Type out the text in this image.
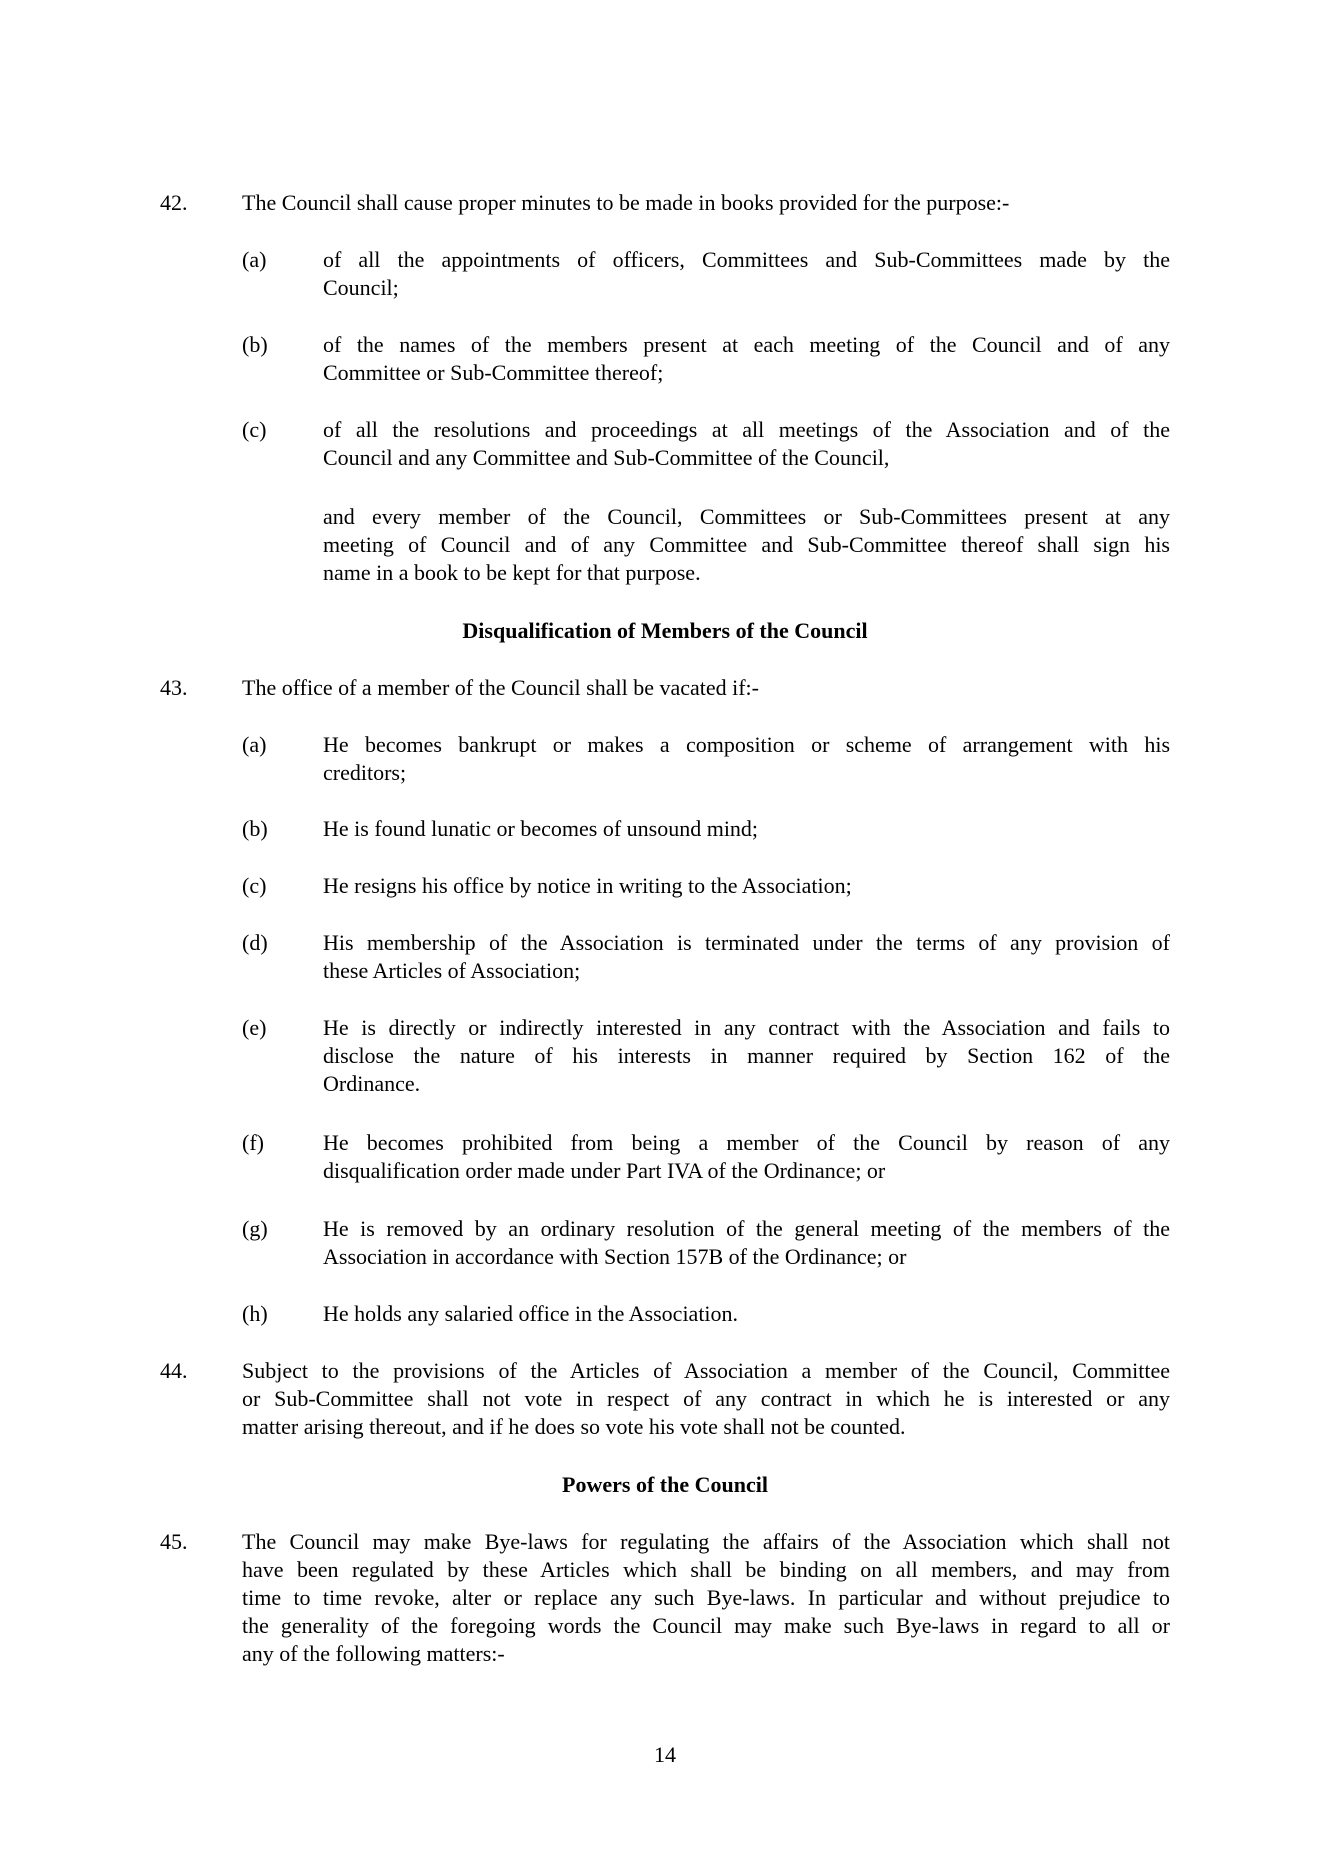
42. The Council shall cause proper minutes to be made in books provided for the purpose:-
(a)	of all the appointments of officers, Committees and Sub-Committees made by the

Council;

(b)	of the names of the members present at each meeting of the Council and of any

Committee or Sub-Committee thereof;

(c)	of all the resolutions and proceedings at all meetings of the Association and of the

Council and any Committee and Sub-Committee of the Council,

and every member of the Council, Committees or Sub-Committees present at any

meeting of Council and of any Committee and Sub-Committee thereof shall sign his

name in a book to be kept for that purpose.

Disqualification of Members of the Council
43. The office of a member of the Council shall be vacated if:-
(a)	He becomes bankrupt or makes a composition or scheme of arrangement with his

creditors;

(b)	He is found lunatic or becomes of unsound mind;

(c)	He resigns his office by notice in writing to the Association;

(d)	His membership of the Association is terminated under the terms of any provision of

these Articles of Association;

(e)	He is directly or indirectly interested in any contract with the Association and fails to

disclose the nature of his interests in manner required by Section 162 of the

Ordinance.

(f)	He becomes prohibited from being a member of the Council by reason of any

disqualification order made under Part IVA of the Ordinance; or

(g)	He is removed by an ordinary resolution of the general meeting of the members of the

Association in accordance with Section 157B of the Ordinance; or

(h)	He holds any salaried office in the Association.

44. Subject to the provisions of the Articles of Association a member of the Council, Committee

or Sub-Committee shall not vote in respect of any contract in which he is interested or any

matter arising thereout, and if he does so vote his vote shall not be counted.

Powers of the Council
45. The Council may make Bye-laws for regulating the affairs of the Association which shall not

have been regulated by these Articles which shall be binding on all members, and may from

time to time revoke, alter or replace any such Bye-laws. In particular and without prejudice to

the generality of the foregoing words the Council may make such Bye-laws in regard to all or

any of the following matters:-

14
